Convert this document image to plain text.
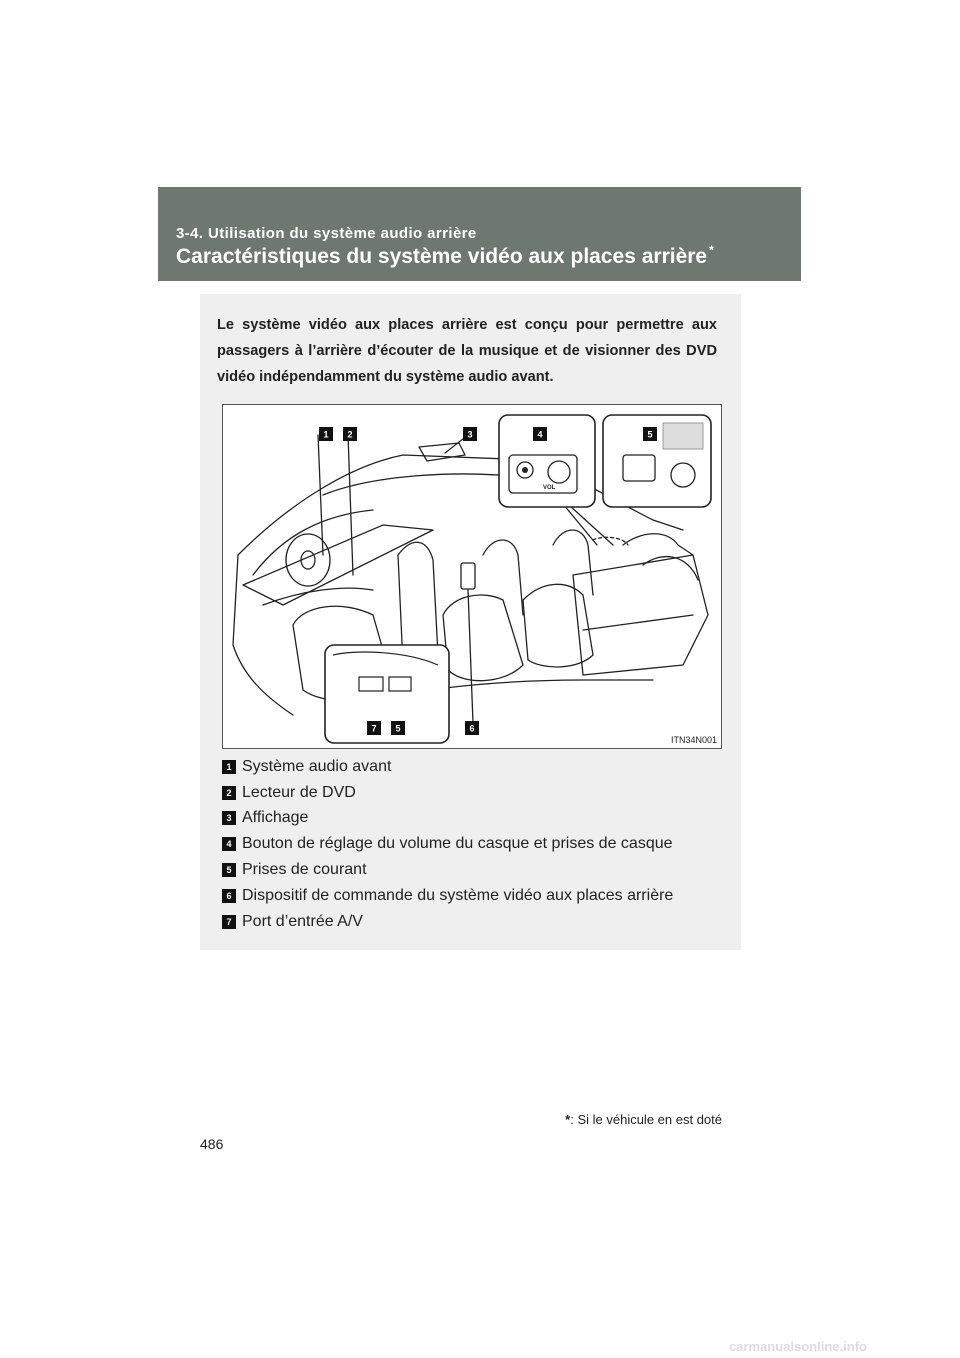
3-4. Utilisation du système audio arrière
Caractéristiques du système vidéo aux places arrière *
Le système vidéo aux places arrière est conçu pour permettre aux passagers à l’arrière d’écouter de la musique et de visionner des DVD vidéo indépendamment du système audio avant.
VOL
1 2	3	4	5
5	6
7
ITN34N001
1 Système audio avant
2 Lecteur de DVD
3 Affichage
4 Bouton de réglage du volume du casque et prises de casque
5 Prises de courant
6 Dispositif de commande du système vidéo aux places arrière
7 Port d’entrée A/V
*: Si le véhicule en est doté
486
carmanualsonline.info
